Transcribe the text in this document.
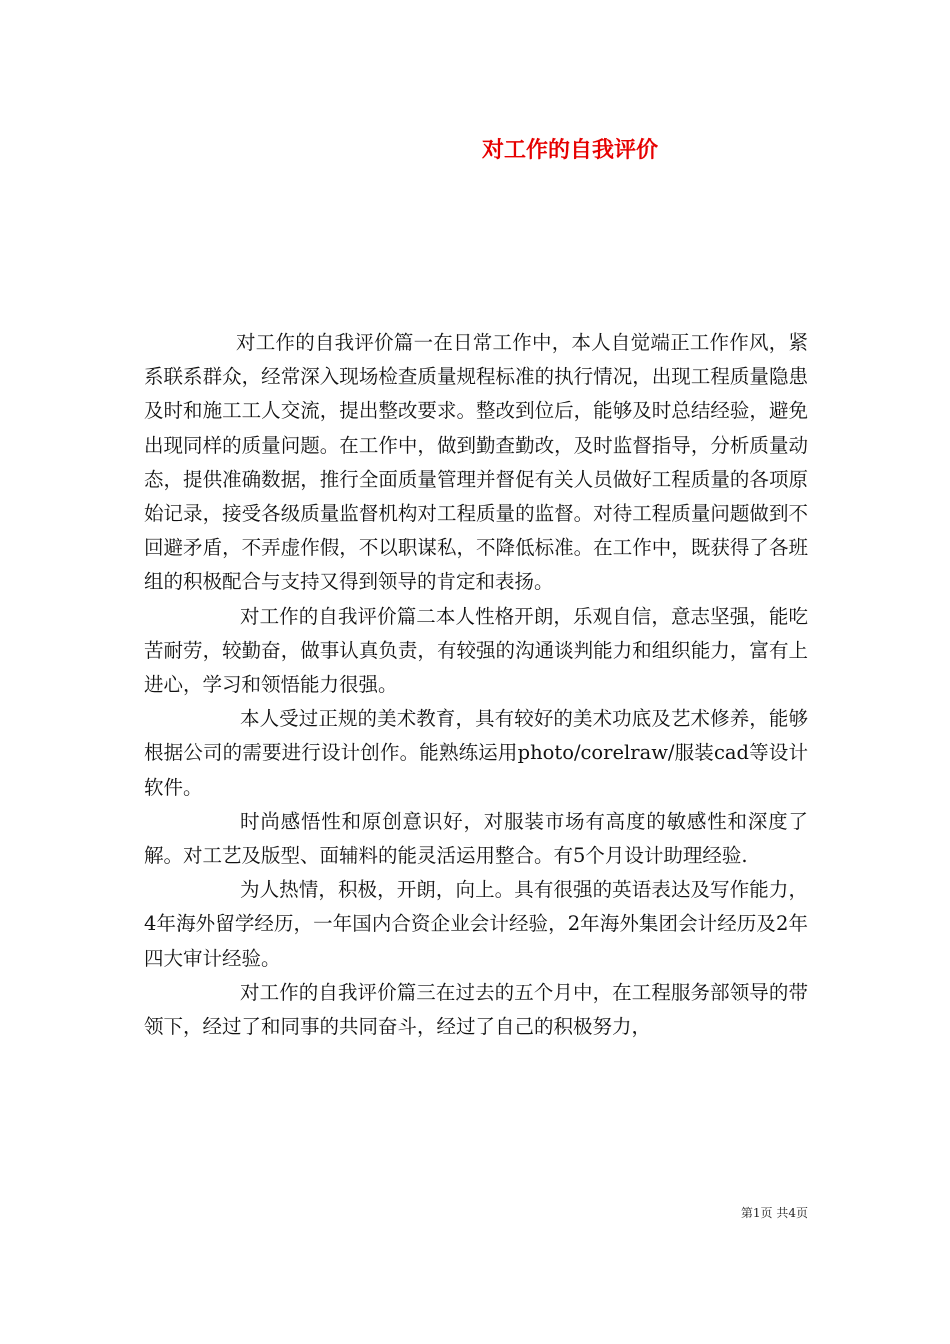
对工作的自我评价

对工作的自我评价篇一在日常工作中，本人自觉端正工作作风，紧系联系群众，经常深入现场检查质量规程标准的执行情况，出现工程质量隐患及时和施工工人交流，提出整改要求。整改到位后，能够及时总结经验，避免出现同样的质量问题。在工作中，做到勤查勤改，及时监督指导，分析质量动态，提供准确数据，推行全面质量管理并督促有关人员做好工程质量的各项原始记录，接受各级质量监督机构对工程质量的监督。对待工程质量问题做到不回避矛盾，不弄虚作假，不以职谋私，不降低标准。在工作中，既获得了各班组的积极配合与支持又得到领导的肯定和表扬。

对工作的自我评价篇二本人性格开朗，乐观自信，意志坚强，能吃苦耐劳，较勤奋，做事认真负责，有较强的沟通谈判能力和组织能力，富有上进心，学习和领悟能力很强。

本人受过正规的美术教育，具有较好的美术功底及艺术修养，能够根据公司的需要进行设计创作。能熟练运用photo/corelraw/服装cad等设计软件。

时尚感悟性和原创意识好，对服装市场有高度的敏感性和深度了解。对工艺及版型、面辅料的能灵活运用整合。有5个月设计助理经验.

为人热情，积极，开朗，向上。具有很强的英语表达及写作能力，4年海外留学经历，一年国内合资企业会计经验，2年海外集团会计经历及2年四大审计经验。

对工作的自我评价篇三在过去的五个月中，在工程服务部领导的带领下，经过了和同事的共同奋斗，经过了自己的积极努力，

第1页 共4页
